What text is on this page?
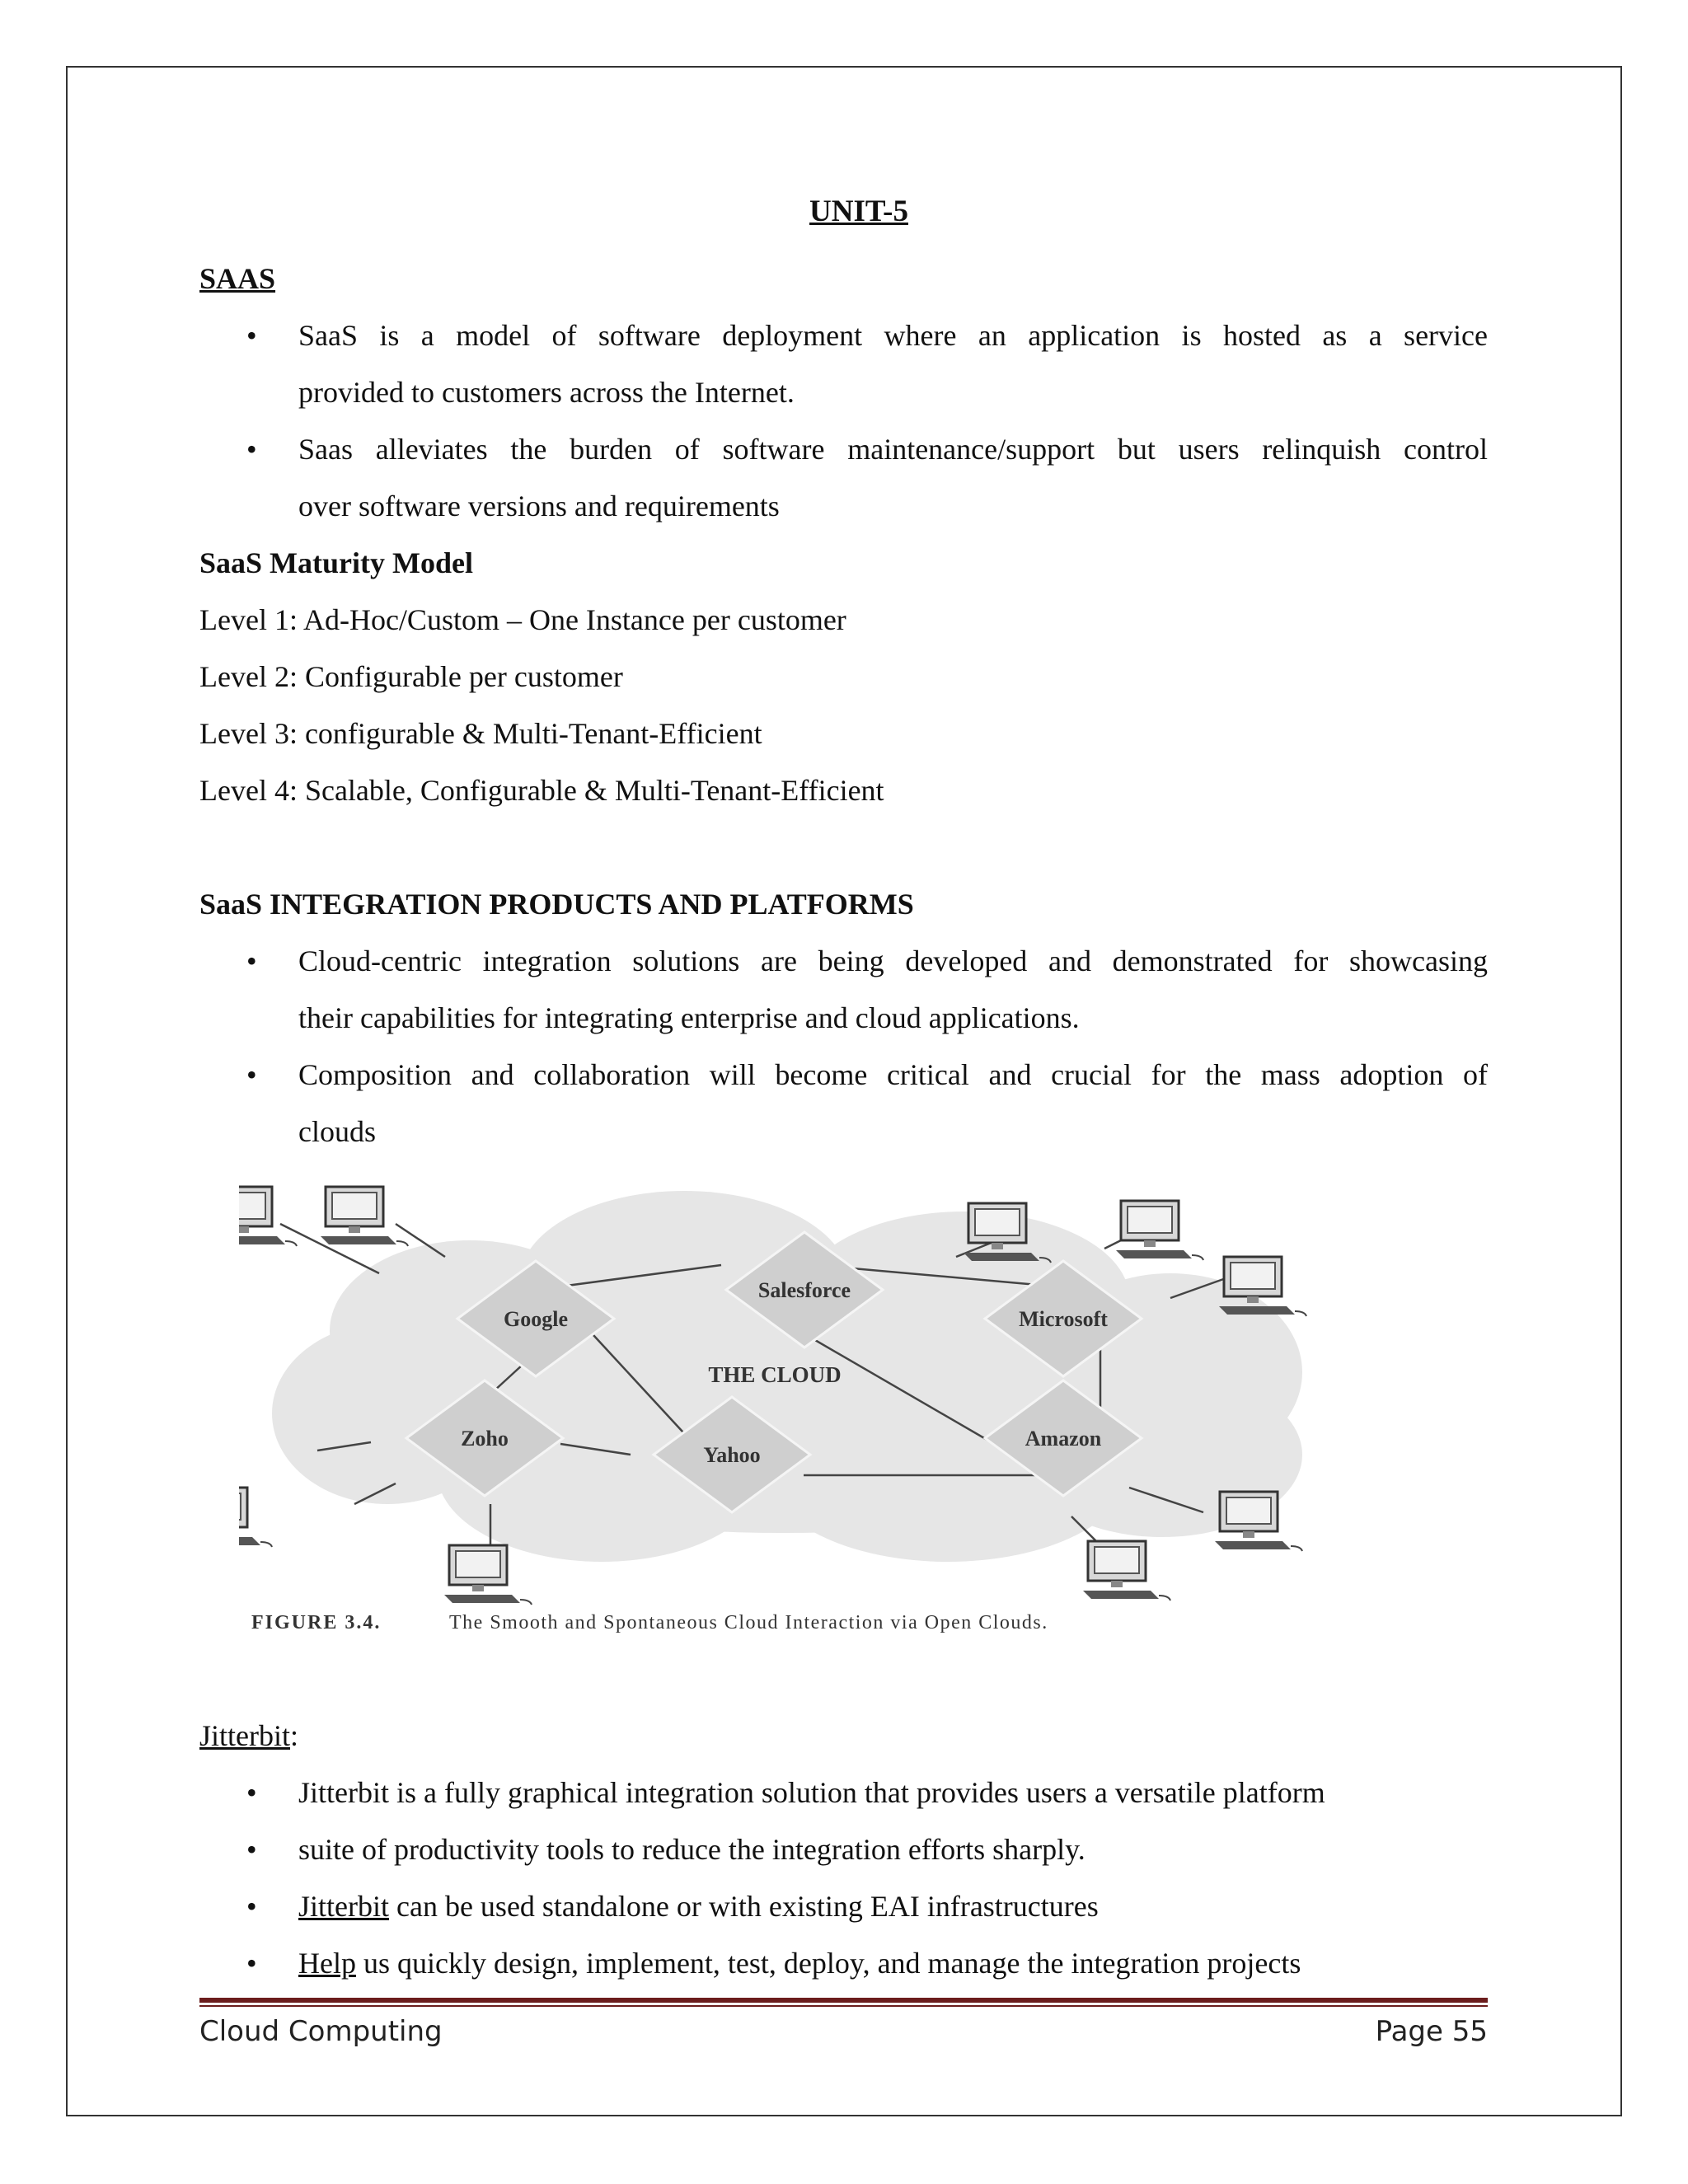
UNIT-5
SAAS
• SaaS is a model of software deployment where an application is hosted as a service
provided to customers across the Internet.
• Saas alleviates the burden of software maintenance/support but users relinquish control
over software versions and requirements
SaaS Maturity Model
Level 1: Ad-Hoc/Custom – One Instance per customer
Level 2: Configurable per customer
Level 3: configurable & Multi-Tenant-Efficient
Level 4: Scalable, Configurable & Multi-Tenant-Efficient
SaaS INTEGRATION PRODUCTS AND PLATFORMS
• Cloud-centric integration solutions are being developed and demonstrated for showcasing
their capabilities for integrating enterprise and cloud applications.
• Composition and collaboration will become critical and crucial for the mass adoption of
clouds
Google
Salesforce
Microsoft
Zoho
Yahoo
Amazon
THE CLOUD
FIGURE 3.4.	The Smooth and Spontaneous Cloud Interaction via Open Clouds.
Jitterbit:
• Jitterbit is a fully graphical integration solution that provides users a versatile platform
• suite of productivity tools to reduce the integration efforts sharply.
• Jitterbit can be used standalone or with existing EAI infrastructures
• Help us quickly design, implement, test, deploy, and manage the integration projects
Cloud Computing	Page 55
